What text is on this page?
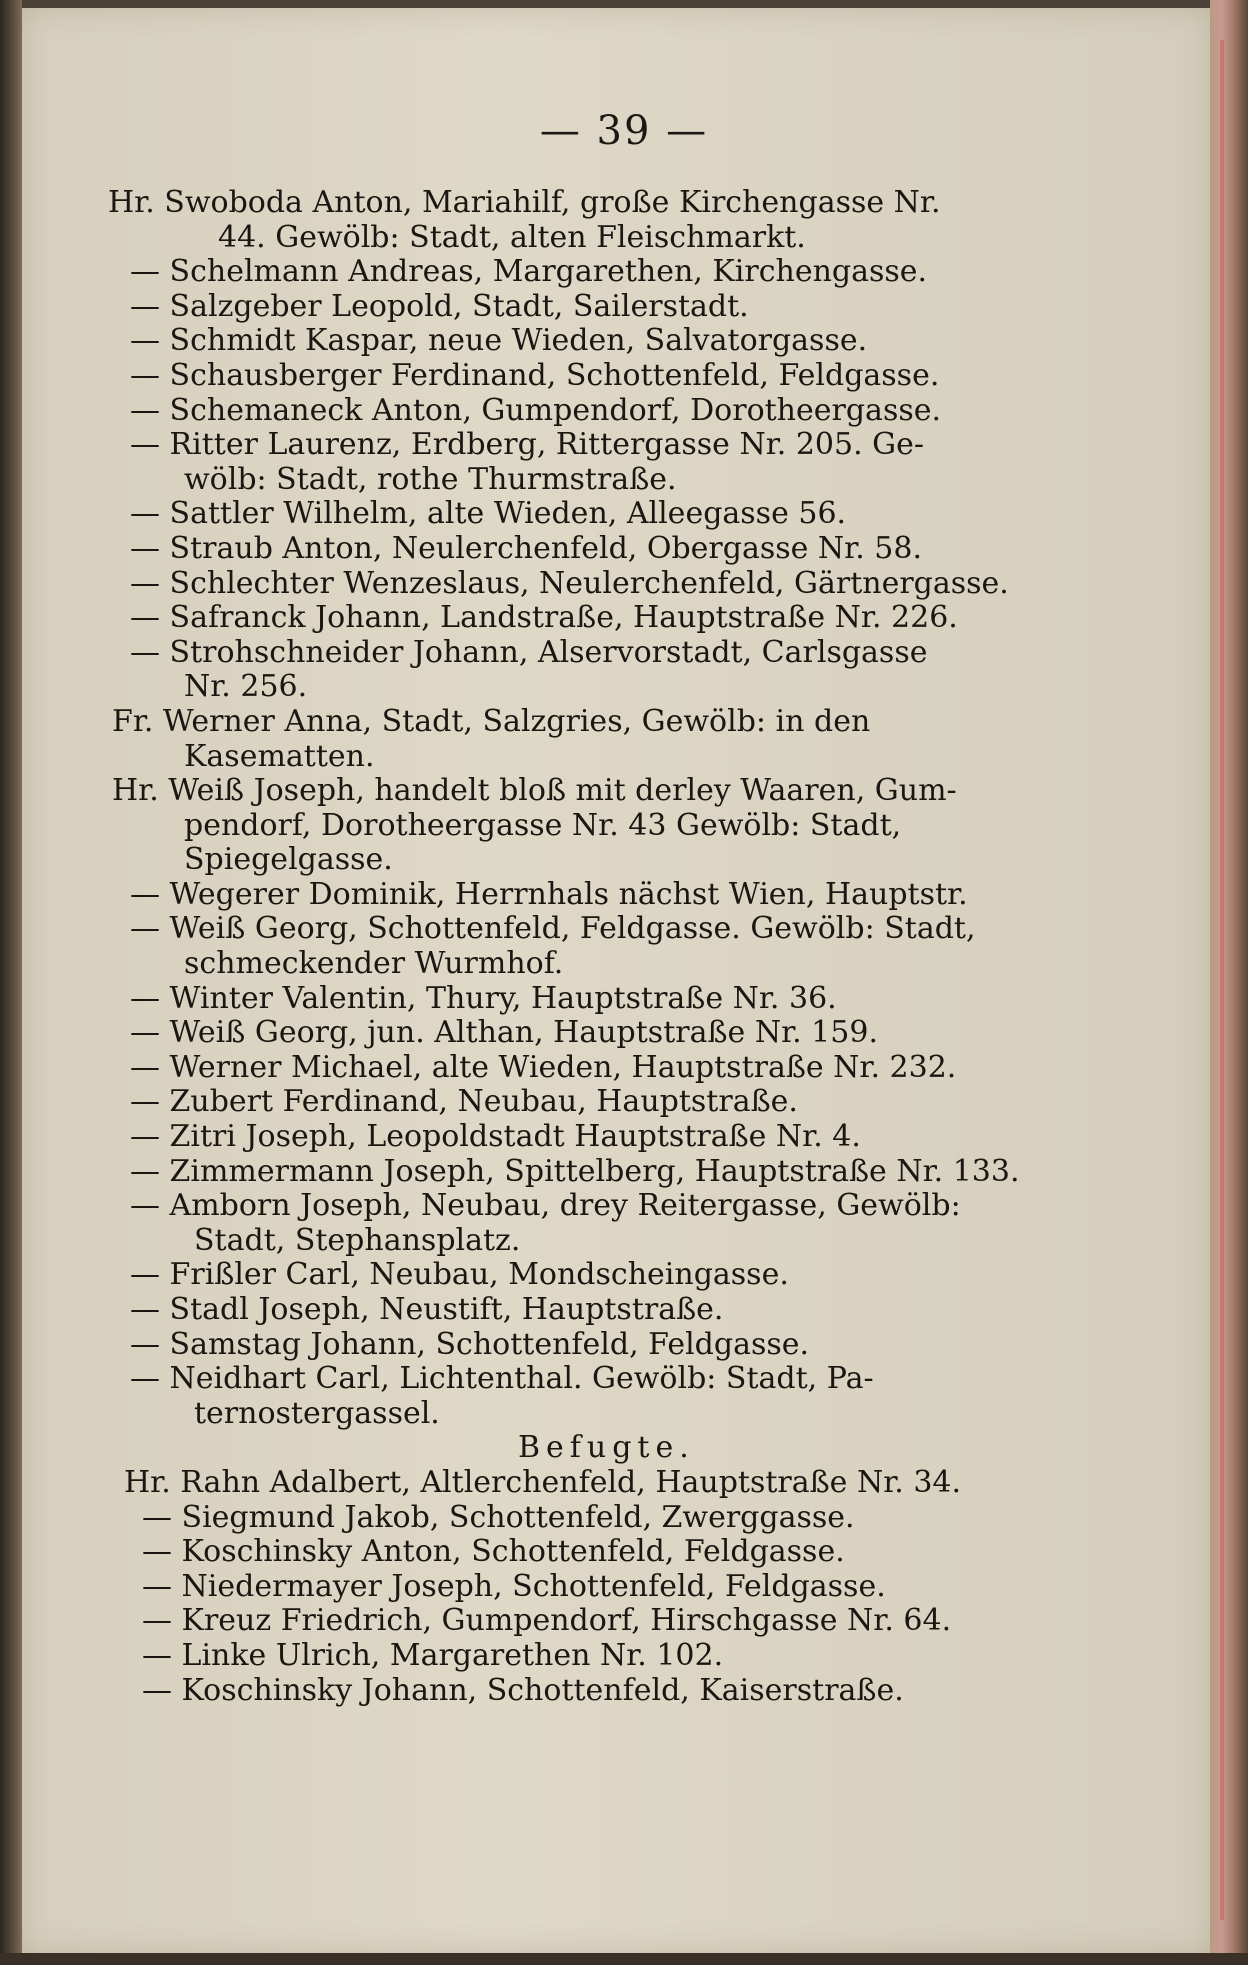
— 39 —
Hr. Swoboda Anton, Mariahilf, große Kirchengasse Nr.
44. Gewölb: Stadt, alten Fleischmarkt.
— Schelmann Andreas, Margarethen, Kirchengasse.
— Salzgeber Leopold, Stadt, Sailerstadt.
— Schmidt Kaspar, neue Wieden, Salvatorgasse.
— Schausberger Ferdinand, Schottenfeld, Feldgasse.
— Schemaneck Anton, Gumpendorf, Dorotheergasse.
— Ritter Laurenz, Erdberg, Rittergasse Nr. 205. Ge-
wölb: Stadt, rothe Thurmstraße.
— Sattler Wilhelm, alte Wieden, Alleegasse 56.
— Straub Anton, Neulerchenfeld, Obergasse Nr. 58.
— Schlechter Wenzeslaus, Neulerchenfeld, Gärtnergasse.
— Safranck Johann, Landstraße, Hauptstraße Nr. 226.
— Strohschneider Johann, Alservorstadt, Carlsgasse
Nr. 256.
Fr. Werner Anna, Stadt, Salzgries, Gewölb: in den
Kasematten.
Hr. Weiß Joseph, handelt bloß mit derley Waaren, Gum-
pendorf, Dorotheergasse Nr. 43 Gewölb: Stadt,
Spiegelgasse.
— Wegerer Dominik, Herrnhals nächst Wien, Hauptstr.
— Weiß Georg, Schottenfeld, Feldgasse. Gewölb: Stadt,
schmeckender Wurmhof.
— Winter Valentin, Thury, Hauptstraße Nr. 36.
— Weiß Georg, jun. Althan, Hauptstraße Nr. 159.
— Werner Michael, alte Wieden, Hauptstraße Nr. 232.
— Zubert Ferdinand, Neubau, Hauptstraße.
— Zitri Joseph, Leopoldstadt Hauptstraße Nr. 4.
— Zimmermann Joseph, Spittelberg, Hauptstraße Nr. 133.
— Amborn Joseph, Neubau, drey Reitergasse, Gewölb:
Stadt, Stephansplatz.
— Frißler Carl, Neubau, Mondscheingasse.
— Stadl Joseph, Neustift, Hauptstraße.
— Samstag Johann, Schottenfeld, Feldgasse.
— Neidhart Carl, Lichtenthal. Gewölb: Stadt, Pa-
ternostergassel.
Befugte.
Hr. Rahn Adalbert, Altlerchenfeld, Hauptstraße Nr. 34.
— Siegmund Jakob, Schottenfeld, Zwerggasse.
— Koschinsky Anton, Schottenfeld, Feldgasse.
— Niedermayer Joseph, Schottenfeld, Feldgasse.
— Kreuz Friedrich, Gumpendorf, Hirschgasse Nr. 64.
— Linke Ulrich, Margarethen Nr. 102.
— Koschinsky Johann, Schottenfeld, Kaiserstraße.
